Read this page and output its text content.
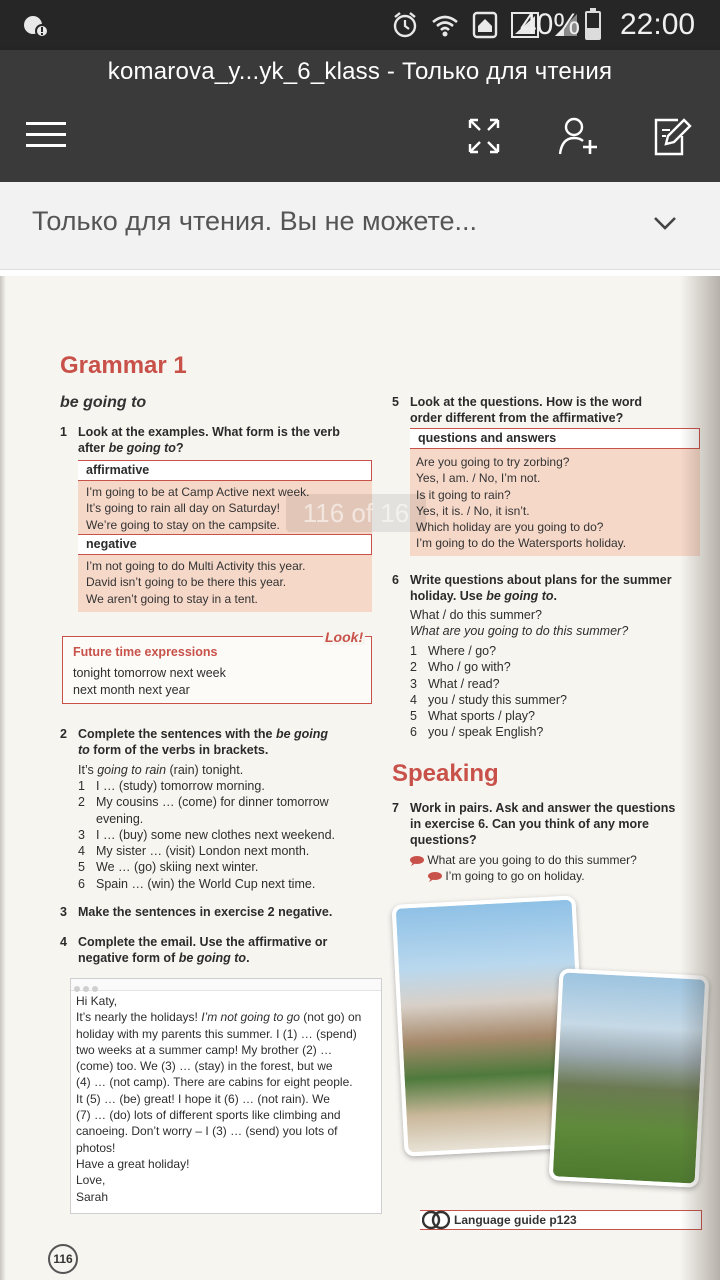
40% 22:00
komarova_y...yk_6_klass - Только для чтения
Только для чтения. Вы не можете...
Grammar 1
be going to
1 Look at the examples. What form is the verb
after be going to?
affirmative
I’m going to be at Camp Active next week.
It’s going to rain all day on Saturday!
We’re going to stay on the campsite.
negative
I’m not going to do Multi Activity this year.
David isn’t going to be there this year.
We aren’t going to stay in a tent.
Look!
Future time expressions
tonight tomorrow next week
next month next year
2 Complete the sentences with the be going
to form of the verbs in brackets.
It’s going to rain (rain) tonight.
1 I … (study) tomorrow morning.
2 My cousins … (come) for dinner tomorrow
evening.
3 I … (buy) some new clothes next weekend.
4 My sister … (visit) London next month.
5 We … (go) skiing next winter.
6 Spain … (win) the World Cup next time.
3 Make the sentences in exercise 2 negative.
4 Complete the email. Use the affirmative or
negative form of be going to.
Hi Katy,
It’s nearly the holidays! I’m not going to go (not go) on
holiday with my parents this summer. I (1) … (spend)
two weeks at a summer camp! My brother (2) …
(come) too. We (3) … (stay) in the forest, but we
(4) … (not camp). There are cabins for eight people.
It (5) … (be) great! I hope it (6) … (not rain). We
(7) … (do) lots of different sports like climbing and
canoeing. Don’t worry – I (3) … (send) you lots of
photos!
Have a great holiday!
Love,
Sarah
5 Look at the questions. How is the word
order different from the affirmative?
questions and answers
Are you going to try zorbing?
Yes, I am. / No, I’m not.
Is it going to rain?
Yes, it is. / No, it isn’t.
Which holiday are you going to do?
I’m going to do the Watersports holiday.
6 Write questions about plans for the summer
holiday. Use be going to.
What / do this summer?
What are you going to do this summer?
1 Where / go?
2 Who / go with?
3 What / read?
4 you / study this summer?
5 What sports / play?
6 you / speak English?
Speaking
7 Work in pairs. Ask and answer the questions
in exercise 6. Can you think of any more
questions?
What are you going to do this summer?
I’m going to go on holiday.
Language guide p123
116 of 16
116
